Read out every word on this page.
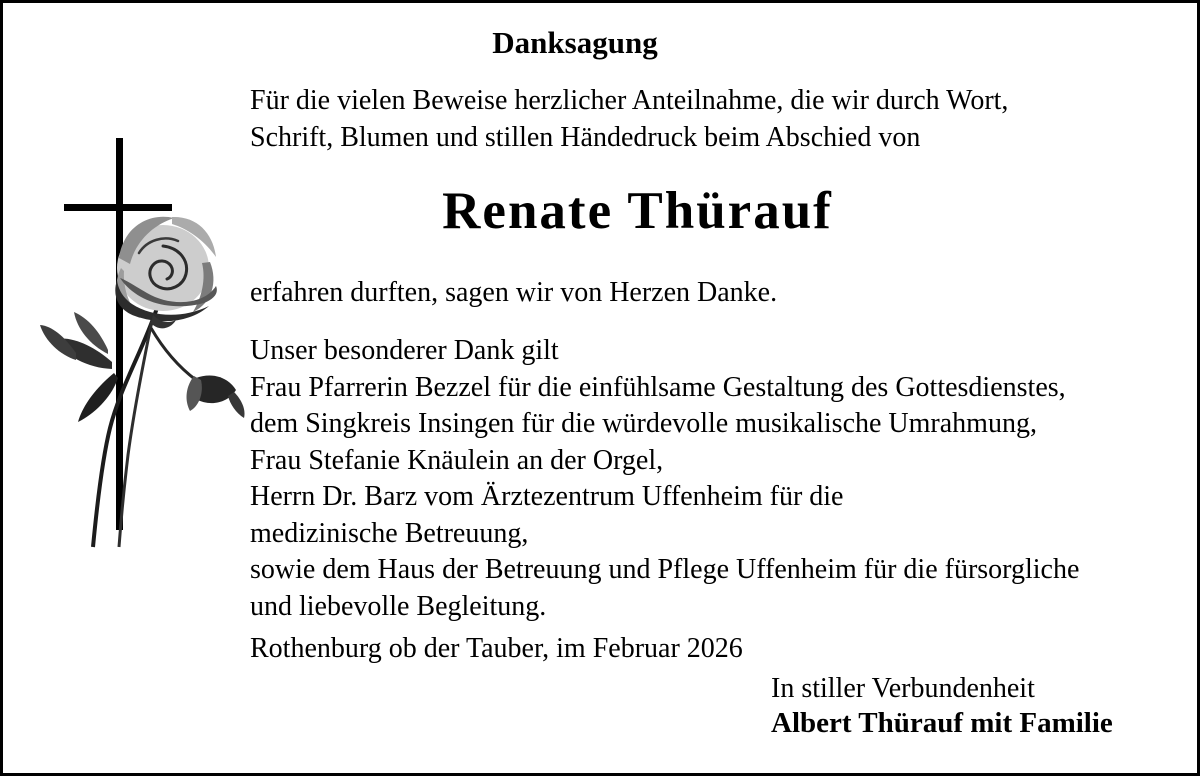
Danksagung
Für die vielen Beweise herzlicher Anteilnahme, die wir durch Wort,
Schrift, Blumen und stillen Händedruck beim Abschied von
Renate Thürauf
erfahren durften, sagen wir von Herzen Danke.
Unser besonderer Dank gilt
Frau Pfarrerin Bezzel für die einfühlsame Gestaltung des Gottesdienstes,
dem Singkreis Insingen für die würdevolle musikalische Umrahmung,
Frau Stefanie Knäulein an der Orgel,
Herrn Dr. Barz vom Ärztezentrum Uffenheim für die
medizinische Betreuung,
sowie dem Haus der Betreuung und Pflege Uffenheim für die fürsorgliche
und liebevolle Begleitung.
Rothenburg ob der Tauber, im Februar 2026
In stiller Verbundenheit
Albert Thürauf mit Familie
